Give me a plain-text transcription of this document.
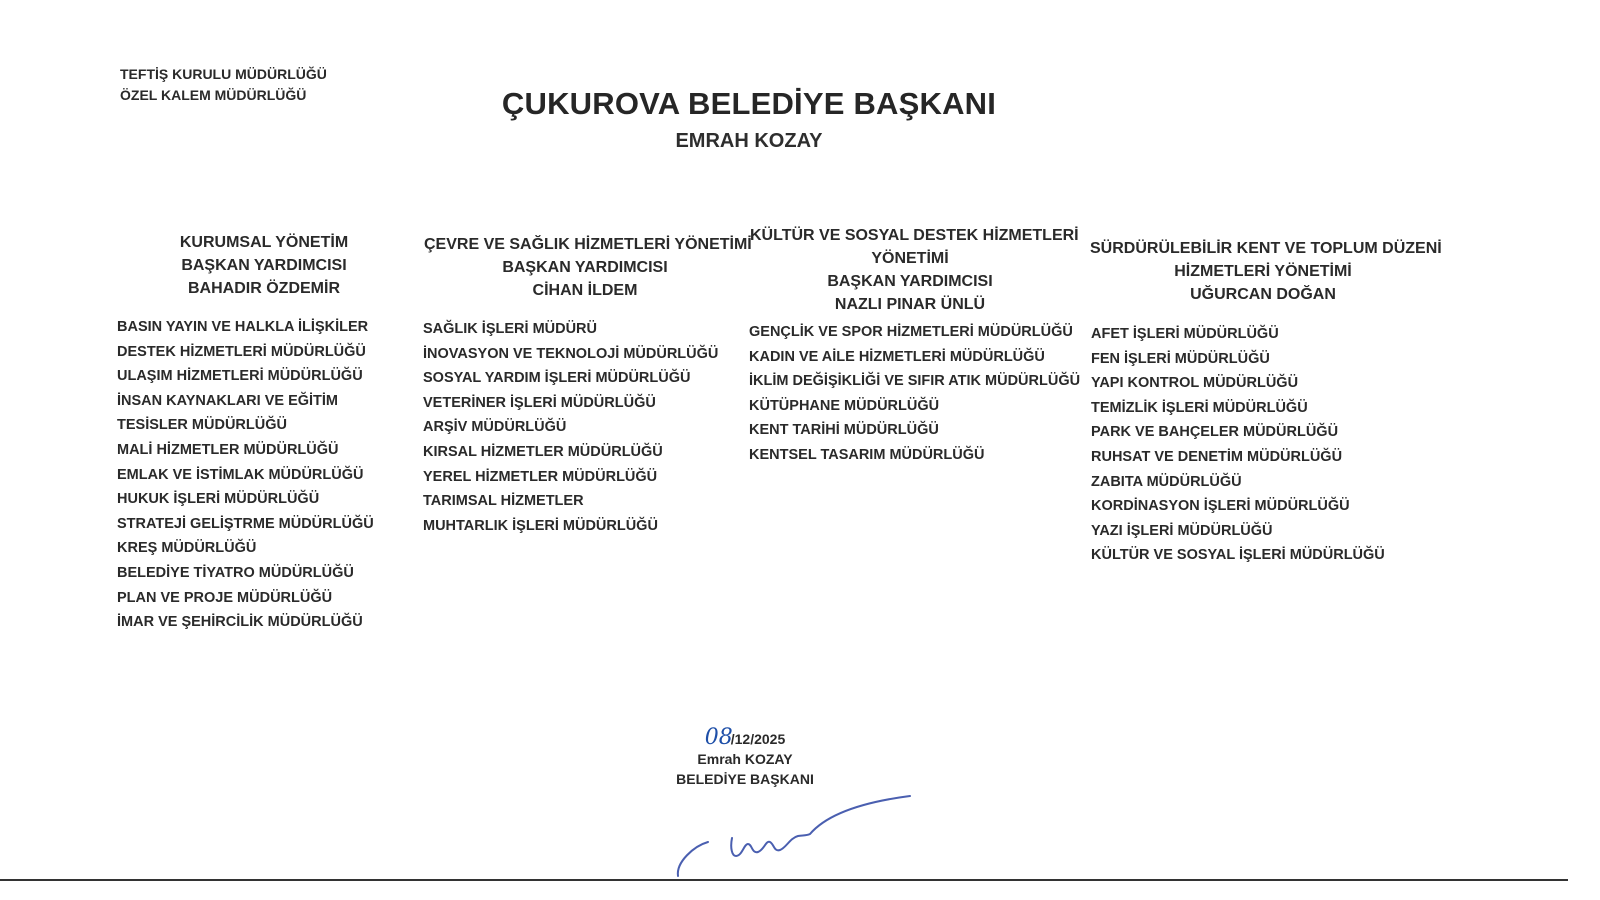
TEFTİŞ KURULU MÜDÜRLÜĞÜ
ÖZEL KALEM MÜDÜRLÜĞÜ	ÇUKUROVA BELEDİYE BAŞKANI
EMRAH KOZAY
KURUMSAL YÖNETİM
BAŞKAN YARDIMCISI
BAHADIR ÖZDEMİR
BASIN YAYIN VE HALKLA İLİŞKİLER
DESTEK HİZMETLERİ MÜDÜRLÜĞÜ
ULAŞIM HİZMETLERİ MÜDÜRLÜĞÜ
İNSAN KAYNAKLARI VE EĞİTİM
TESİSLER MÜDÜRLÜĞÜ
MALİ HİZMETLER MÜDÜRLÜĞÜ
EMLAK VE İSTİMLAK MÜDÜRLÜĞÜ
HUKUK İŞLERİ MÜDÜRLÜĞÜ
STRATEJİ GELİŞTRME MÜDÜRLÜĞÜ
KREŞ MÜDÜRLÜĞÜ
BELEDİYE TİYATRO MÜDÜRLÜĞÜ
PLAN VE PROJE MÜDÜRLÜĞÜ
İMAR VE ŞEHİRCİLİK MÜDÜRLÜĞÜ
ÇEVRE VE SAĞLIK HİZMETLERİ YÖNETİMİ
BAŞKAN YARDIMCISI
CİHAN İLDEM
SAĞLIK İŞLERİ MÜDÜRÜ
İNOVASYON VE TEKNOLOJİ MÜDÜRLÜĞÜ
SOSYAL YARDIM İŞLERİ MÜDÜRLÜĞÜ
VETERİNER İŞLERİ MÜDÜRLÜĞÜ
ARŞİV MÜDÜRLÜĞÜ
KIRSAL HİZMETLER MÜDÜRLÜĞÜ
YEREL HİZMETLER MÜDÜRLÜĞÜ
TARIMSAL HİZMETLER
MUHTARLIK İŞLERİ MÜDÜRLÜĞÜ
KÜLTÜR VE SOSYAL DESTEK HİZMETLERİ
YÖNETİMİ
BAŞKAN YARDIMCISI
NAZLI PINAR ÜNLÜ
GENÇLİK VE SPOR HİZMETLERİ MÜDÜRLÜĞÜ
KADIN VE AİLE HİZMETLERİ MÜDÜRLÜĞÜ
İKLİM DEĞİŞİKLİĞİ VE SIFIR ATIK MÜDÜRLÜĞÜ
KÜTÜPHANE MÜDÜRLÜĞÜ
KENT TARİHİ MÜDÜRLÜĞÜ
KENTSEL TASARIM MÜDÜRLÜĞÜ
SÜRDÜRÜLEBİLİR KENT VE TOPLUM DÜZENİ
HİZMETLERİ YÖNETİMİ
UĞURCAN DOĞAN
AFET İŞLERİ MÜDÜRLÜĞÜ
FEN İŞLERİ MÜDÜRLÜĞÜ
YAPI KONTROL MÜDÜRLÜĞÜ
TEMİZLİK İŞLERİ MÜDÜRLÜĞÜ
PARK VE BAHÇELER MÜDÜRLÜĞÜ
RUHSAT VE DENETİM MÜDÜRLÜĞÜ
ZABITA MÜDÜRLÜĞÜ
KORDİNASYON İŞLERİ MÜDÜRLÜĞÜ
YAZI İŞLERİ MÜDÜRLÜĞÜ
KÜLTÜR VE SOSYAL İŞLERİ MÜDÜRLÜĞÜ
08
/12/2025
Emrah KOZAY
BELEDİYE BAŞKANI
